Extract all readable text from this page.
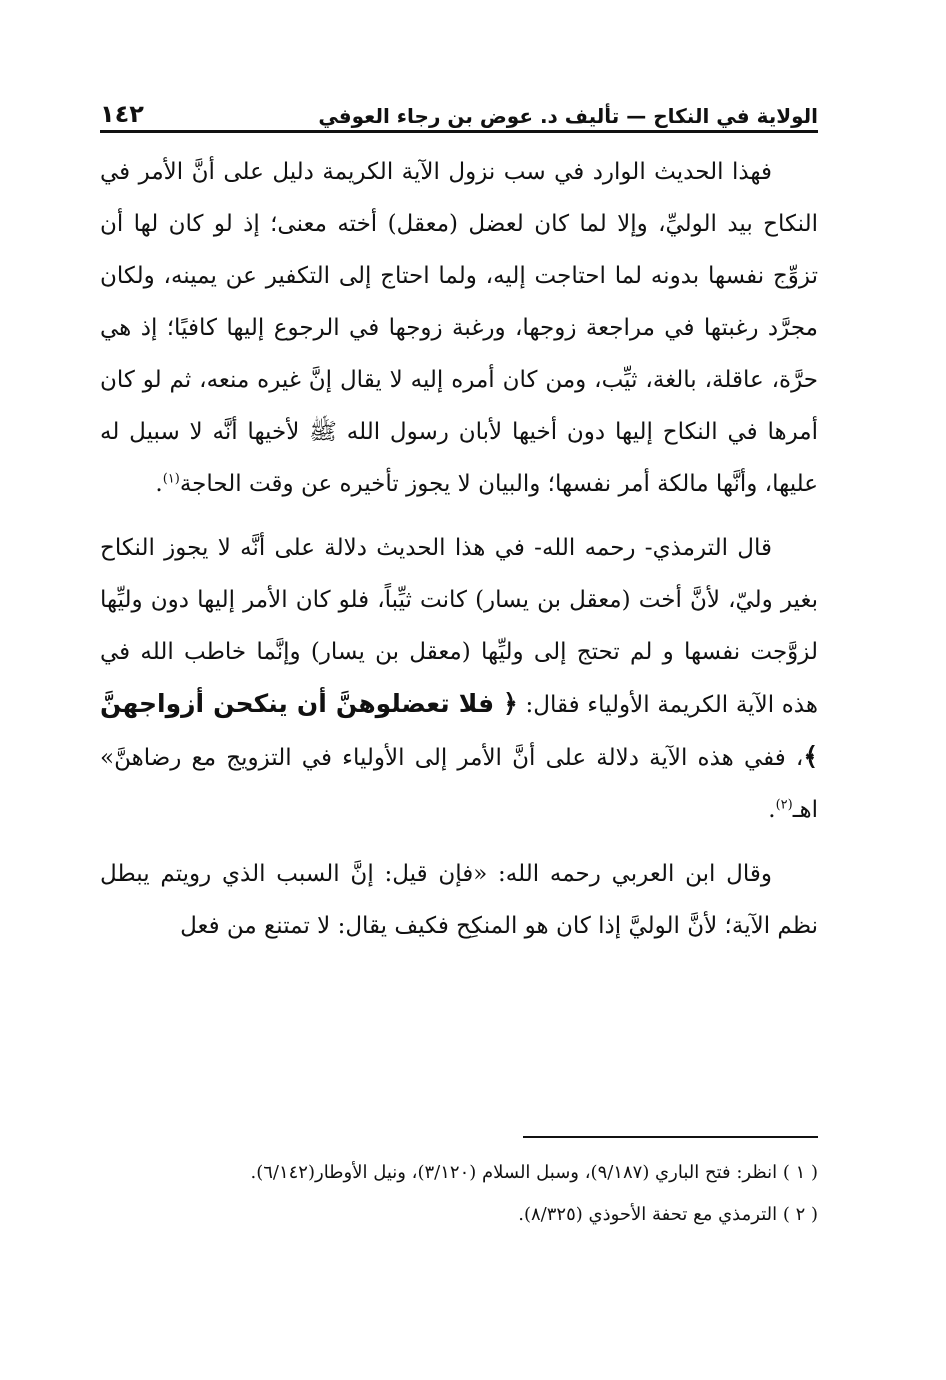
الولاية في النكاح — تأليف د. عوض بن رجاء العوفي
١٤٢

فهذا الحديث الوارد في سب نزول الآية الكريمة دليل على أنَّ الأمر في النكاح بيد الوليِّ، وإلا لما كان لعضل (معقل) أخته معنى؛ إذ لو كان لها أن تزوِّج نفسها بدونه لما احتاجت إليه، ولما احتاج إلى التكفير عن يمينه، ولكان مجرَّد رغبتها في مراجعة زوجها، ورغبة زوجها في الرجوع إليها كافيًا؛ إذ هي حرَّة، عاقلة، بالغة، ثيِّب، ومن كان أمره إليه لا يقال إنَّ غيره منعه، ثم لو كان أمرها في النكاح إليها دون أخيها لأبان رسول الله ﷺ لأخيها أنَّه لا سبيل له عليها، وأنَّها مالكة أمر نفسها؛ والبيان لا يجوز تأخيره عن وقت الحاجة$^{(١)}$.

قال الترمذي- رحمه الله- في هذا الحديث دلالة على أنَّه لا يجوز النكاح بغير وليّ، لأنَّ أخت (معقل بن يسار) كانت ثيِّباً، فلو كان الأمر إليها دون وليِّها لزوَّجت نفسها و لم تحتج إلى وليِّها (معقل بن يسار) وإنَّما خاطب الله في هذه الآية الكريمة الأولياء فقال: ﴿ فلا تعضلوهنَّ أن ينكحن أزواجهنَّ ﴾، ففي هذه الآية دلالة على أنَّ الأمر إلى الأولياء في التزويج مع رضاهنَّ» اهـ$^{(٢)}$.

وقال ابن العربي رحمه الله: «فإن قيل: إنَّ السبب الذي رويتم يبطل نظم الآية؛ لأنَّ الوليَّ إذا كان هو المنكِح فكيف يقال: لا تمتنع من فعل

( ١ ) انظر: فتح الباري (٩/١٨٧)، وسبل السلام (٣/١٢٠)، ونيل الأوطار(٦/١٤٢).

( ٢ ) الترمذي مع تحفة الأحوذي (٨/٣٢٥).
